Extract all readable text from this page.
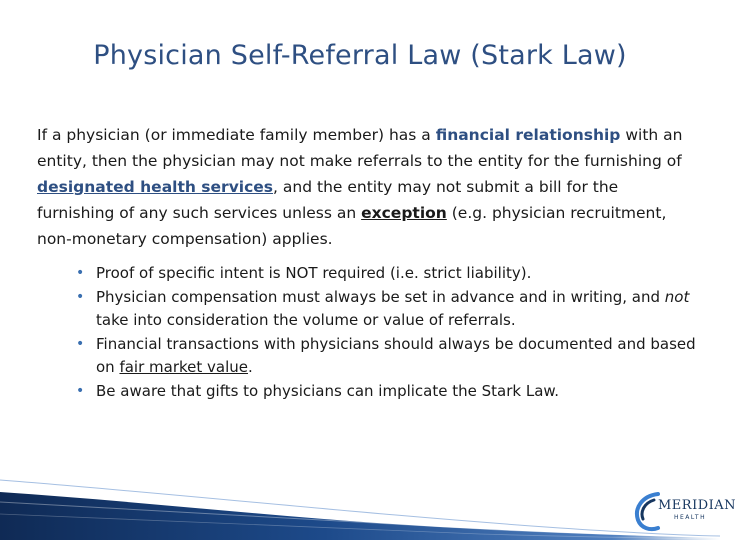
Physician Self-Referral Law (Stark Law)
If a physician (or immediate family member) has a financial relationship with an entity, then the physician may not make referrals to the entity for the furnishing of designated health services, and the entity may not submit a bill for the furnishing of any such services unless an exception (e.g. physician recruitment, non-monetary compensation) applies.
• Proof of specific intent is NOT required (i.e. strict liability).
• Physician compensation must always be set in advance and in writing, and not take into consideration the volume or value of referrals.
• Financial transactions with physicians should always be documented and based on fair market value.
• Be aware that gifts to physicians can implicate the Stark Law.
MERIDIAN
HEALTH
